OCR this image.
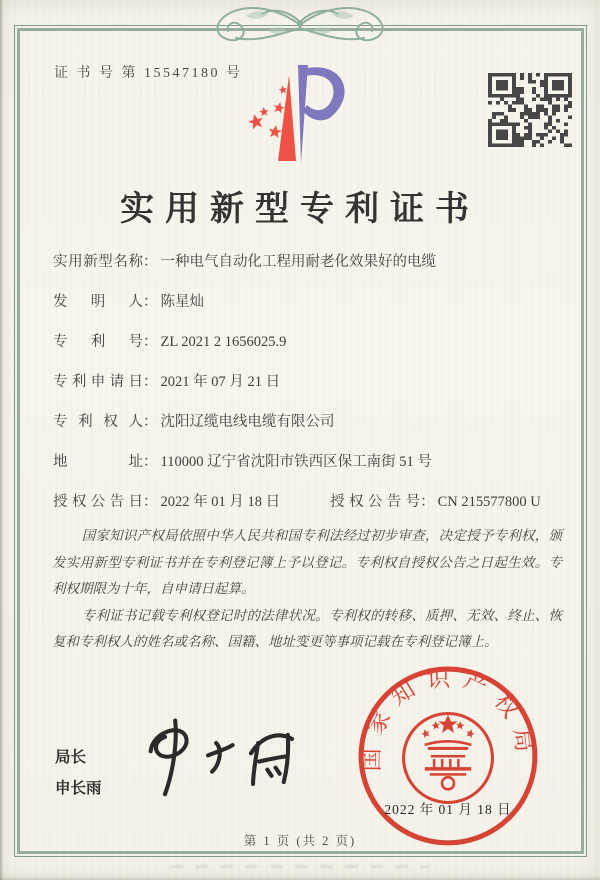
证 书 号 第 15547180 号
实用新型专利证书
实用新型名称： 一种电气自动化工程用耐老化效果好的电缆
发明人： 陈星灿
专利号： ZL 2021 2 1656025.9
专利申请日： 2021 年 07 月 21 日
专利权人： 沈阳辽缆电线电缆有限公司
地址： 110000 辽宁省沈阳市铁西区保工南街 51 号
授权公告日： 2022 年 01 月 18 日	授权公告号： CN 215577800 U

国家知识产权局依照中华人民共和国专利法经过初步审查，决定授予专利权，颁发实用新型专利证书并在专利登记簿上予以登记。专利权自授权公告之日起生效。专利权期限为十年，自申请日起算。

专利证书记载专利权登记时的法律状况。专利权的转移、质押、无效、终止、恢复和专利权人的姓名或名称、国籍、地址变更等事项记载在专利登记簿上。

局长
申长雨
国家知识产权局
2022 年 01 月 18 日
第 1 页 (共 2 页)
